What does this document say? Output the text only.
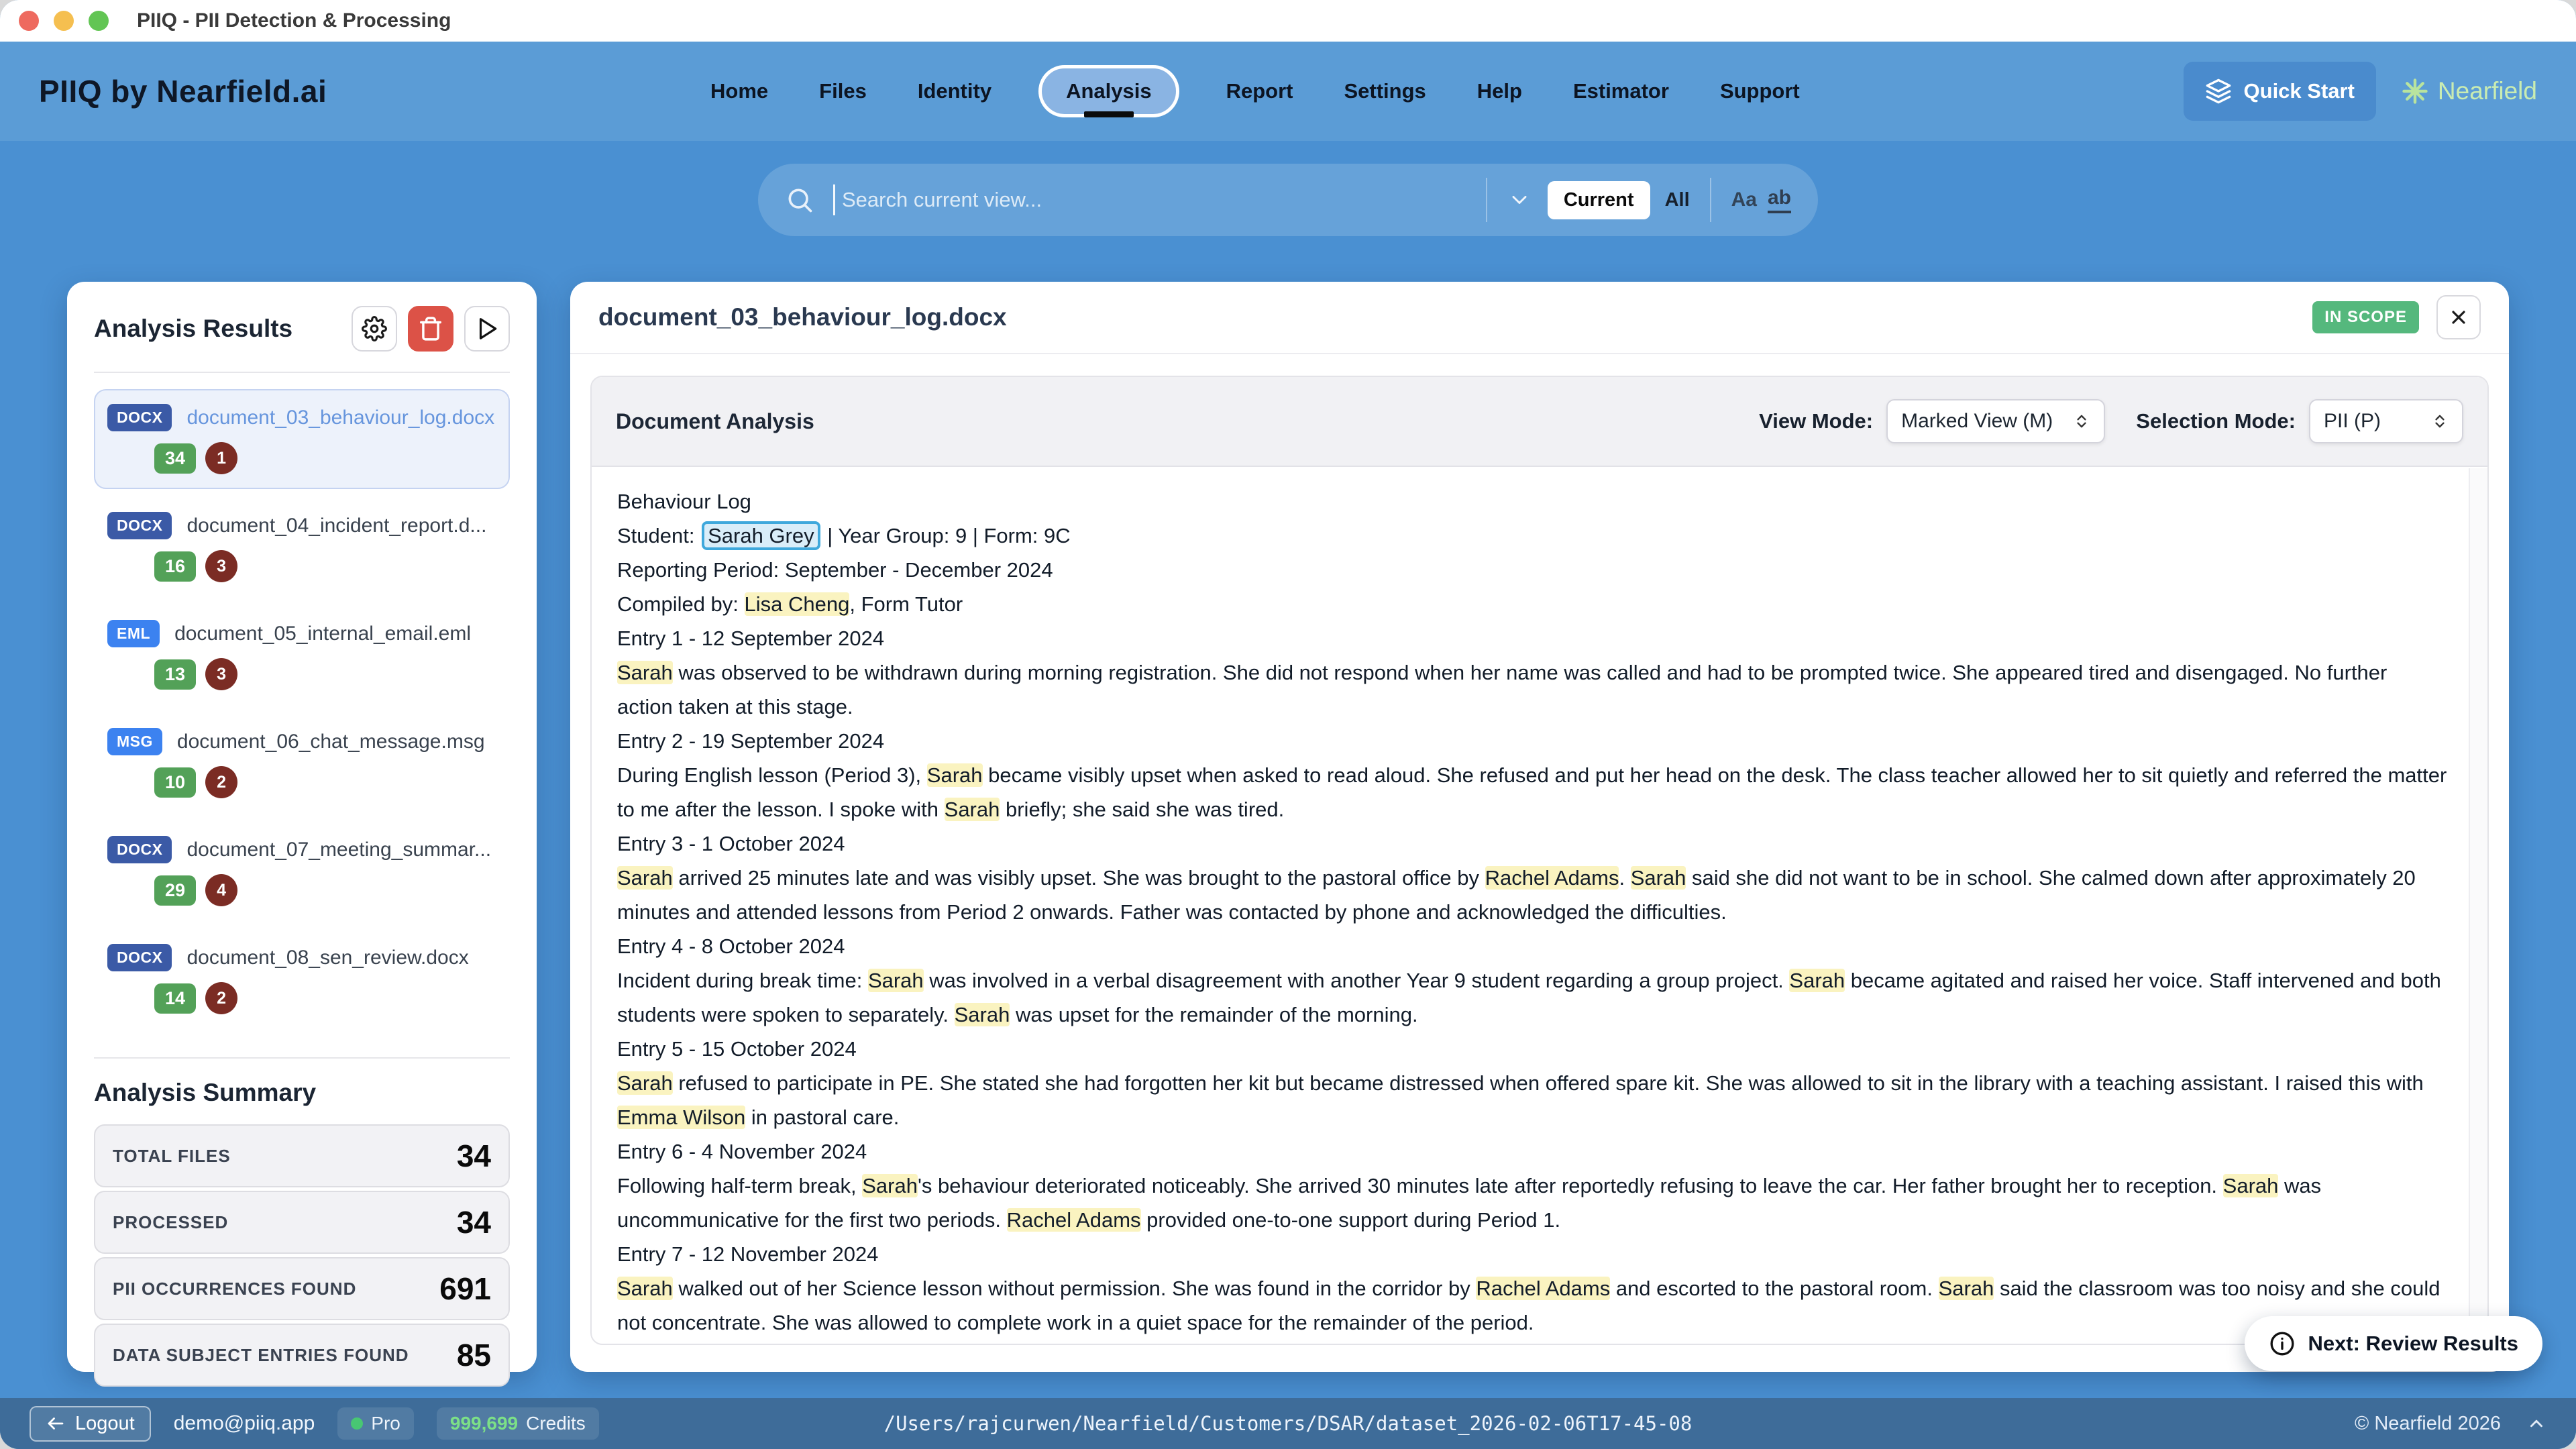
PIIQ - PII Detection & Processing
PIIQ by Nearfield.ai	Home Files Identity	Analysis	Report Settings Help Estimator Support	Quick Start	Nearfield
Search current view...
Current	All Aa ab
Analysis Results
DOCX	document_03_behaviour_log.docx
34	1
DOCX	document_04_incident_report.d...
16	3
EML	document_05_internal_email.eml
13	3
MSG	document_06_chat_message.msg
10	2
DOCX	document_07_meeting_summar...
29	4
DOCX	document_08_sen_review.docx
14	2
Analysis Summary
TOTAL FILES	34
PROCESSED	34
PII OCCURRENCES FOUND	691
DATA SUBJECT ENTRIES FOUND 85
document_03_behaviour_log.docx	IN SCOPE
Document Analysis	View Mode: Marked View (M)	Selection Mode: PII (P)
Behaviour Log
Student: Sarah Grey | Year Group: 9 | Form: 9C
Reporting Period: September - December 2024
Compiled by: Lisa Cheng, Form Tutor
Entry 1 - 12 September 2024
Sarah was observed to be withdrawn during morning registration. She did not respond when her name was called and had to be prompted twice. She appeared tired and disengaged. No further action taken at this stage.
Entry 2 - 19 September 2024
During English lesson (Period 3), Sarah became visibly upset when asked to read aloud. She refused and put her head on the desk. The class teacher allowed her to sit quietly and referred the matter to me after the lesson. I spoke with Sarah briefly; she said she was tired.
Entry 3 - 1 October 2024
Sarah arrived 25 minutes late and was visibly upset. She was brought to the pastoral office by Rachel Adams. Sarah said she did not want to be in school. She calmed down after approximately 20 minutes and attended lessons from Period 2 onwards. Father was contacted by phone and acknowledged the difficulties.
Entry 4 - 8 October 2024
Incident during break time: Sarah was involved in a verbal disagreement with another Year 9 student regarding a group project. Sarah became agitated and raised her voice. Staff intervened and both students were spoken to separately. Sarah was upset for the remainder of the morning.
Entry 5 - 15 October 2024
Sarah refused to participate in PE. She stated she had forgotten her kit but became distressed when offered spare kit. She was allowed to sit in the library with a teaching assistant. I raised this with Emma Wilson in pastoral care.
Entry 6 - 4 November 2024
Following half-term break, Sarah's behaviour deteriorated noticeably. She arrived 30 minutes late after reportedly refusing to leave the car. Her father brought her to reception. Sarah was uncommunicative for the first two periods. Rachel Adams provided one-to-one support during Period 1.
Entry 7 - 12 November 2024
Sarah walked out of her Science lesson without permission. She was found in the corridor by Rachel Adams and escorted to the pastoral room. Sarah said the classroom was too noisy and she could not concentrate. She was allowed to complete work in a quiet space for the remainder of the period.
Next: Review Results
Logout demo@piiq.app	Pro	999,699 Credits	/Users/rajcurwen/Nearfield/Customers/DSAR/dataset_2026-02-06T17-45-08	© Nearfield 2026
